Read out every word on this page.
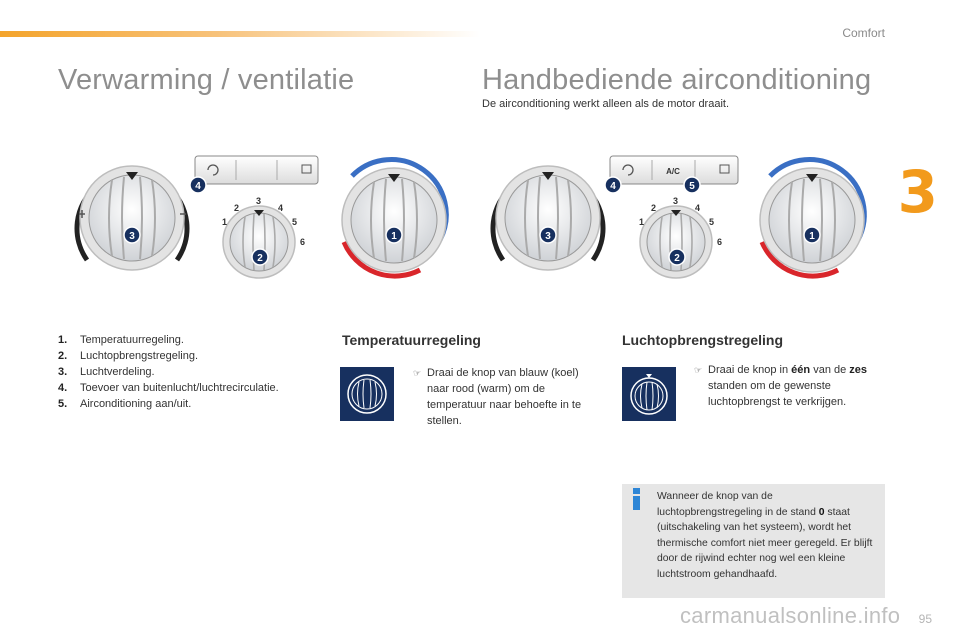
Comfort
3
Verwarming / ventilatie	Handbediende airconditioning
De airconditioning werkt alleen als de motor draait.
3
4
1
2
3
4
5
6
2
1	3
A/C
4	5
1
2
3
4
5
6
2
1
1.	Temperatuurregeling.
2.	Luchtopbrengstregeling.
3.	Luchtverdeling.
4.	Toevoer van buitenlucht/luchtrecirculatie.
5.	Airconditioning aan/uit.
Temperatuurregeling
☞ Draai de knop van blauw (koel) naar rood (warm) om de temperatuur naar behoefte in te stellen.
Luchtopbrengstregeling
☞ Draai de knop in één van de zes standen om de gewenste luchtopbrengst te verkrijgen.
Wanneer de knop van de luchtopbrengstregeling in de stand 0 staat (uitschakeling van het systeem), wordt het thermische comfort niet meer geregeld. Er blijft door de rijwind echter nog wel een kleine luchtstroom gehandhaafd.
carmanualsonline.info 95
